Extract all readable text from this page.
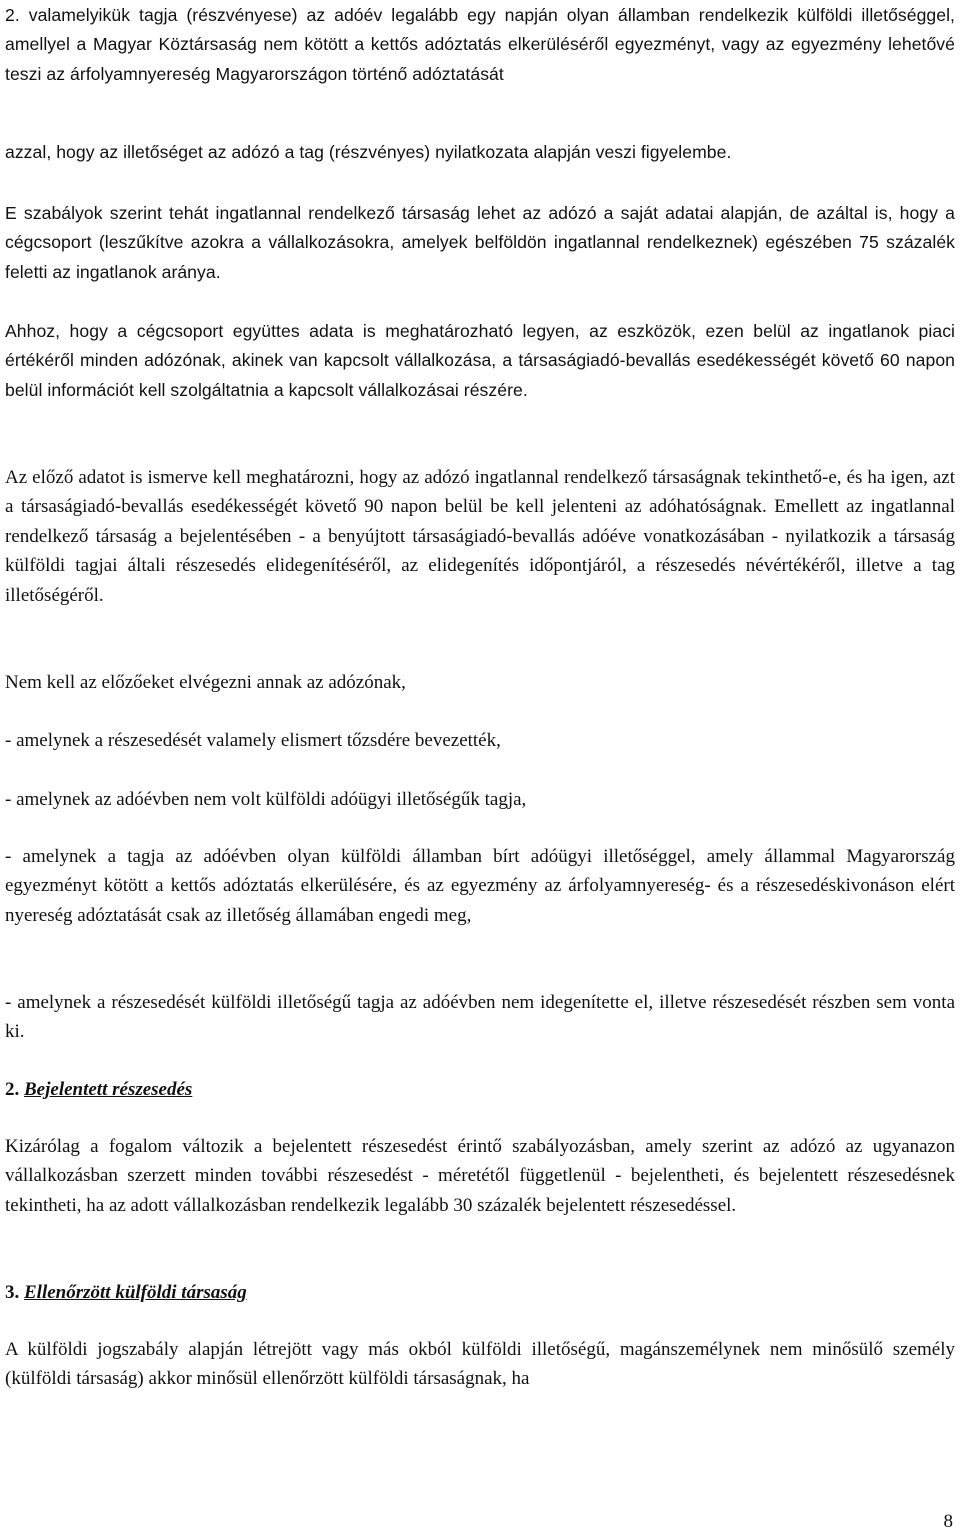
2. valamelyikük tagja (részvényese) az adóév legalább egy napján olyan államban rendelkezik külföldi illetőséggel, amellyel a Magyar Köztársaság nem kötött a kettős adóztatás elkerüléséről egyezményt, vagy az egyezmény lehetővé teszi az árfolyamnyereség Magyarországon történő adóztatását

azzal, hogy az illetőséget az adózó a tag (részvényes) nyilatkozata alapján veszi figyelembe.

E szabályok szerint tehát ingatlannal rendelkező társaság lehet az adózó a saját adatai alapján, de azáltal is, hogy a cégcsoport (leszűkítve azokra a vállalkozásokra, amelyek belföldön ingatlannal rendelkeznek) egészében 75 százalék feletti az ingatlanok aránya.

Ahhoz, hogy a cégcsoport együttes adata is meghatározható legyen, az eszközök, ezen belül az ingatlanok piaci értékéről minden adózónak, akinek van kapcsolt vállalkozása, a társaságiadó-bevallás esedékességét követő 60 napon belül információt kell szolgáltatnia a kapcsolt vállalkozásai részére.

Az előző adatot is ismerve kell meghatározni, hogy az adózó ingatlannal rendelkező társaságnak tekinthető-e, és ha igen, azt a társaságiadó-bevallás esedékességét követő 90 napon belül be kell jelenteni az adóhatóságnak. Emellett az ingatlannal rendelkező társaság a bejelentésében - a benyújtott társaságiadó-bevallás adóéve vonatkozásában - nyilatkozik a társaság külföldi tagjai általi részesedés elidegenítéséről, az elidegenítés időpontjáról, a részesedés névértékéről, illetve a tag illetőségéről.

Nem kell az előzőeket elvégezni annak az adózónak,

- amelynek a részesedését valamely elismert tőzsdére bevezették,

- amelynek az adóévben nem volt külföldi adóügyi illetőségűk tagja,

- amelynek a tagja az adóévben olyan külföldi államban bírt adóügyi illetőséggel, amely állammal Magyarország egyezményt kötött a kettős adóztatás elkerülésére, és az egyezmény az árfolyamnyereség- és a részesedéskivonáson elért nyereség adóztatását csak az illetőség államában engedi meg,

- amelynek a részesedését külföldi illetőségű tagja az adóévben nem idegenítette el, illetve részesedését részben sem vonta ki.

2. Bejelentett részesedés

Kizárólag a fogalom változik a bejelentett részesedést érintő szabályozásban, amely szerint az adózó az ugyanazon vállalkozásban szerzett minden további részesedést - méretétől függetlenül - bejelentheti, és bejelentett részesedésnek tekintheti, ha az adott vállalkozásban rendelkezik legalább 30 százalék bejelentett részesedéssel.

3. Ellenőrzött külföldi társaság

A külföldi jogszabály alapján létrejött vagy más okból külföldi illetőségű, magánszemélynek nem minősülő személy (külföldi társaság) akkor minősül ellenőrzött külföldi társaságnak, ha

8
